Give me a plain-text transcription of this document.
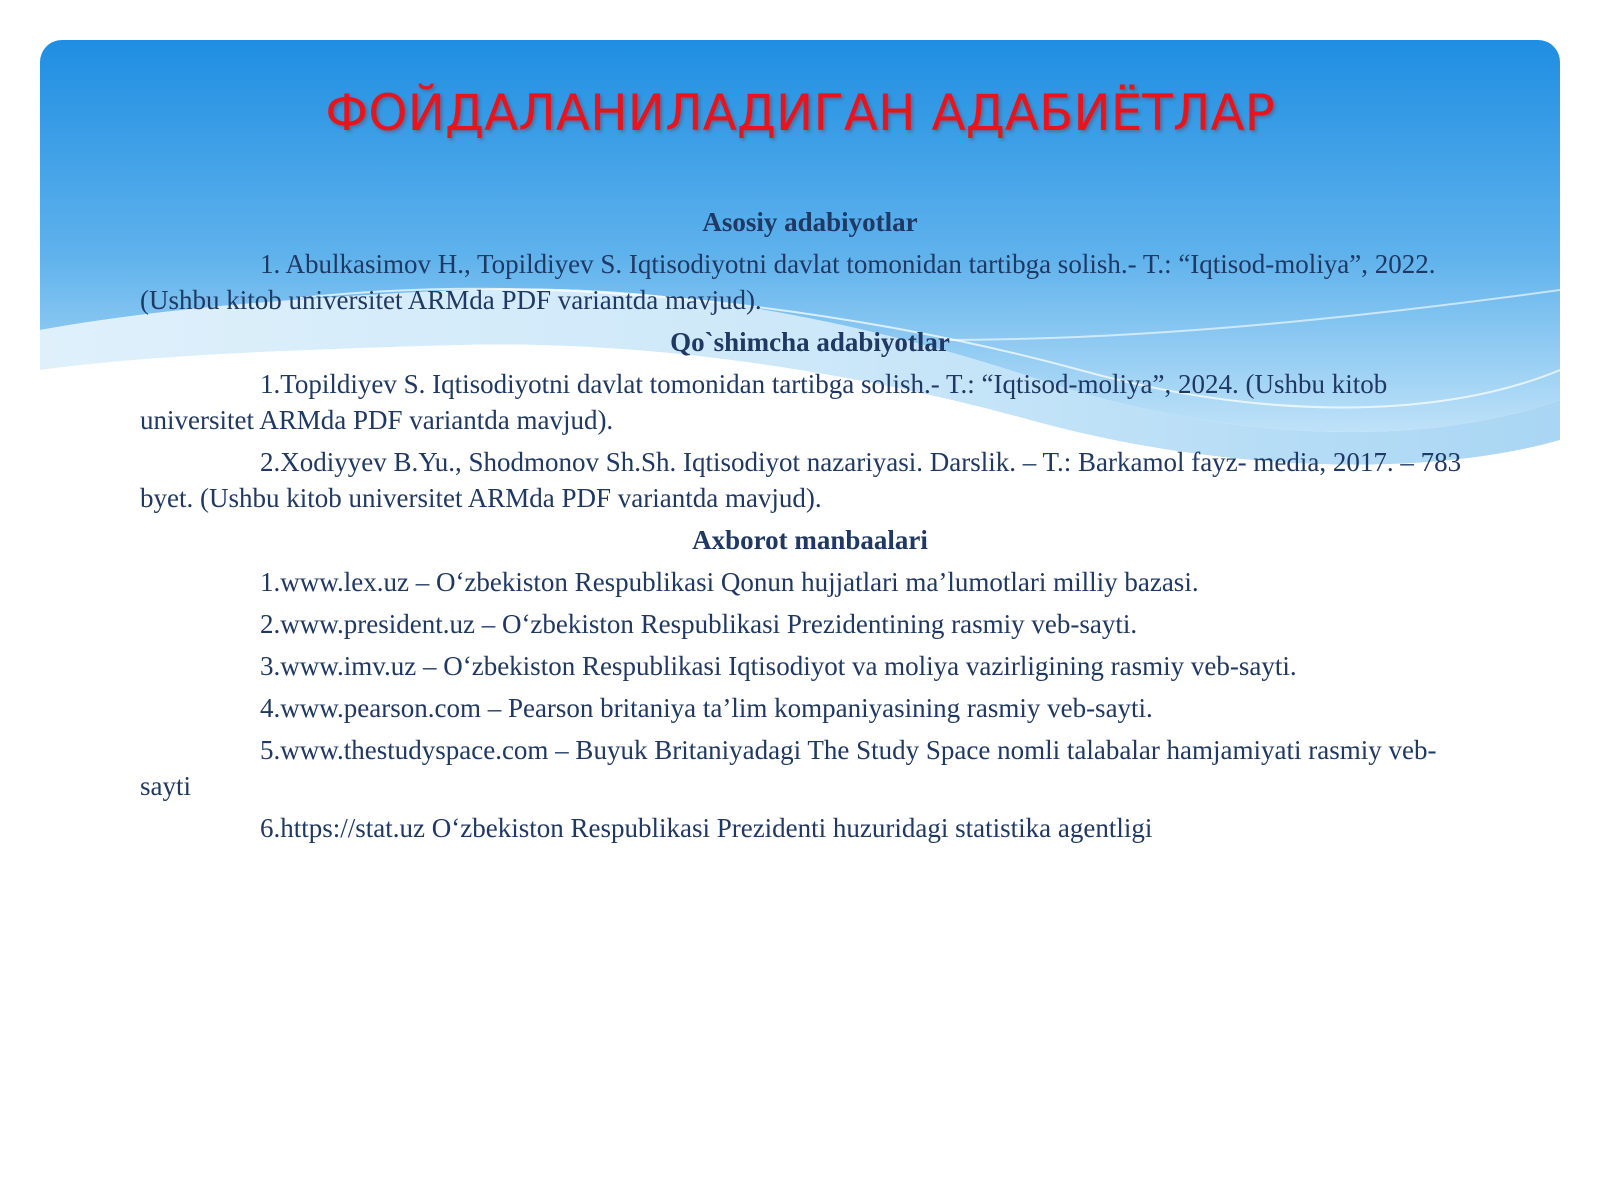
ФОЙДАЛАНИЛАДИГАН АДАБИЁТЛАР
Asosiy adabiyotlar
1. Abulkasimov H., Topildiyev S. Iqtisodiyotni davlat tomonidan tartibga solish.- T.: “Iqtisod-moliya”, 2022. (Ushbu kitob universitet ARMda PDF variantda mavjud).
Qo`shimcha adabiyotlar
1.Topildiyev S. Iqtisodiyotni davlat tomonidan tartibga solish.- T.: “Iqtisod-moliya”, 2024. (Ushbu kitob universitet ARMda PDF variantda mavjud).
2.Xodiyyev B.Yu., Shodmonov Sh.Sh. Iqtisodiyot nazariyasi. Darslik. – T.: Barkamol fayz- media, 2017. – 783 byet. (Ushbu kitob universitet ARMda PDF variantda mavjud).
Axborot manbaalari
1.www.lex.uz – O‘zbekiston Respublikasi Qonun hujjatlari ma’lumotlari milliy bazasi.
2.www.president.uz – O‘zbekiston Respublikasi Prezidentining rasmiy veb-sayti.
3.www.imv.uz – O‘zbekiston Respublikasi Iqtisodiyot va moliya vazirligining rasmiy veb-sayti.
4.www.pearson.com – Pearson britaniya ta’lim kompaniyasining rasmiy veb-sayti.
5.www.thestudyspace.com – Buyuk Britaniyadagi The Study Space nomli talabalar hamjamiyati rasmiy veb-sayti
6.https://stat.uz O‘zbekiston Respublikasi Prezidenti huzuridagi statistika agentligi
